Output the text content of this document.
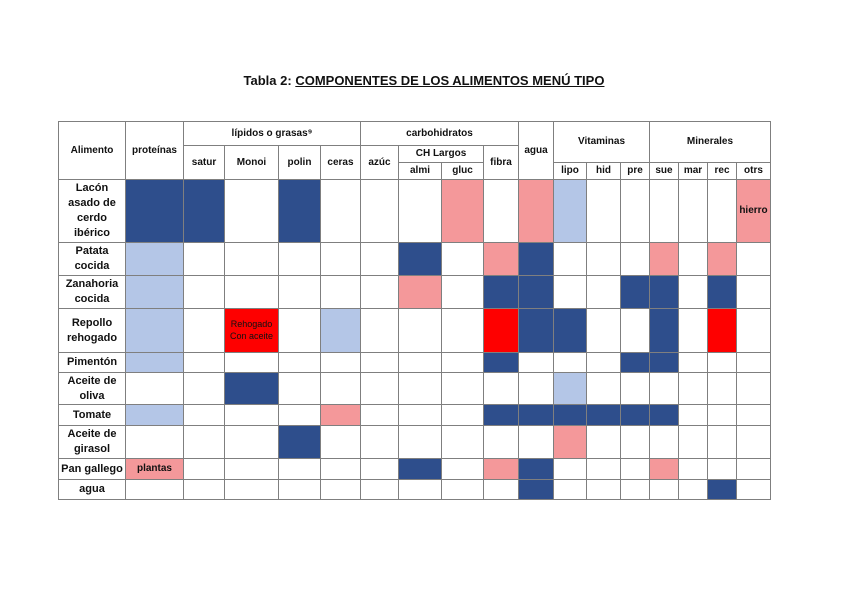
Tabla 2: COMPONENTES DE LOS ALIMENTOS MENÚ TIPO
Alimento	proteínas	lípidos o grasas⁹				carbohidratos				agua	Vitaminas			Minerales			
		satur	Monoi	polin	ceras	azúc	CH Largos		fibra								
							almi	gluc			lipo	hid	pre	sue	mar	rec	otrs
Lacón asado de cerdo ibérico																	hierro
Patata cocida																	
Zanahoria cocida																	
Repollo rehogado			Rehogado Con aceite														
Pimentón																	
Aceite de oliva																	
Tomate																	
Aceite de girasol																	
Pan gallego	plantas																
agua																	
